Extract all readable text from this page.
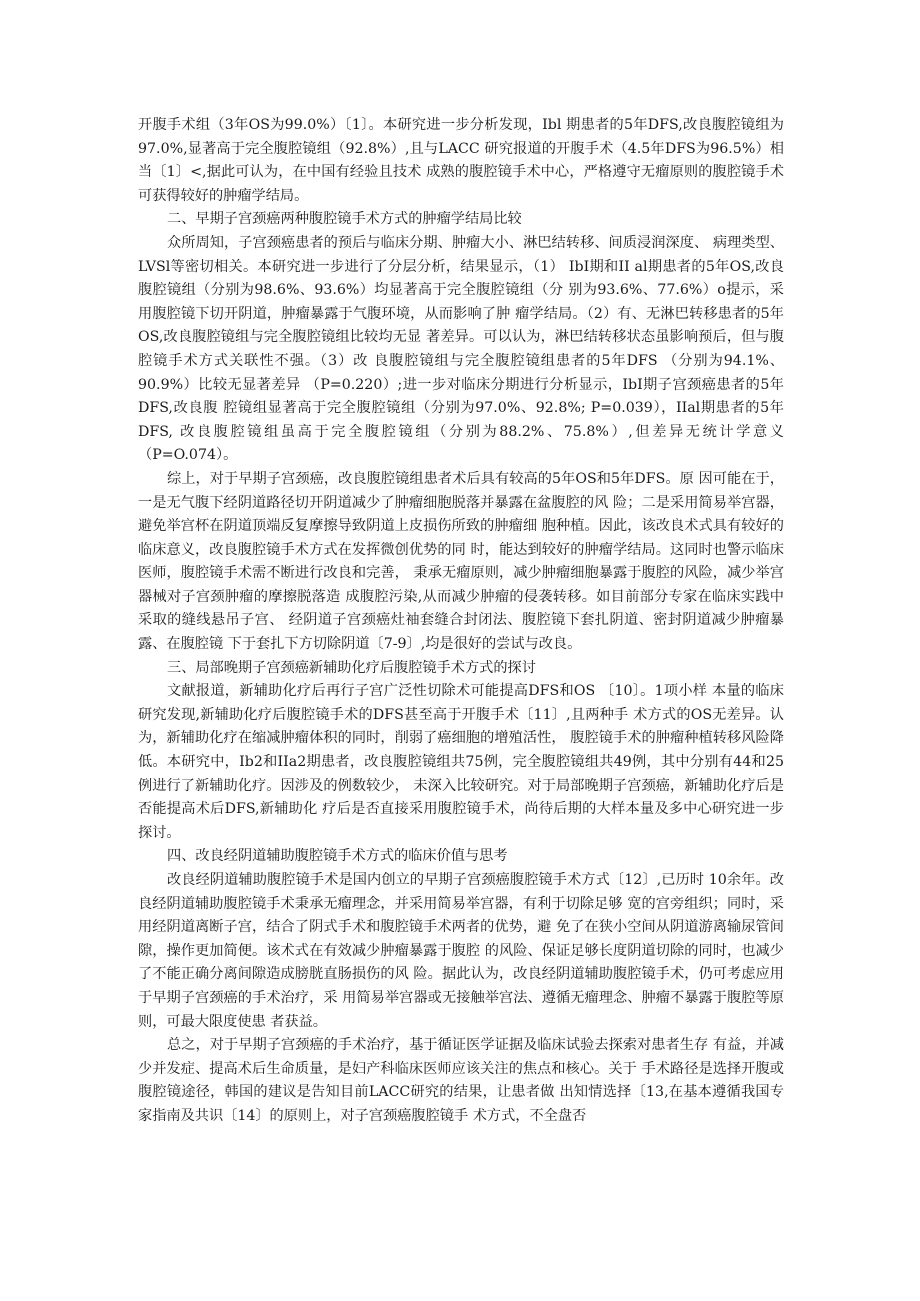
开腹手术组（3年OS为99.0%）〔1〕。本研究进一步分析发现，Ibl 期患者的5年DFS,改良腹腔镜组为97.0%,显著高于完全腹腔镜组（92.8%）,且与LACC 研究报道的开腹手术（4.5年DFS为96.5%）相当〔1〕<,据此可认为，在中国有经验且技术 成熟的腹腔镜手术中心，严格遵守无瘤原则的腹腔镜手术可获得较好的肿瘤学结局。

二、早期子宫颈癌两种腹腔镜手术方式的肿瘤学结局比较

众所周知，子宫颈癌患者的预后与临床分期、肿瘤大小、淋巴结转移、间质浸润深度、 病理类型、LVSl等密切相关。本研究进一步进行了分层分析，结果显示，（1） IbI期和II al期患者的5年OS,改良腹腔镜组（分别为98.6%、93.6%）均显著高于完全腹腔镜组（分 别为93.6%、77.6%）o提示，采用腹腔镜下切开阴道，肿瘤暴露于气腹环境，从而影响了肿 瘤学结局。（2）有、无淋巴转移患者的5年OS,改良腹腔镜组与完全腹腔镜组比较均无显 著差异。可以认为，淋巴结转移状态虽影响预后，但与腹腔镜手术方式关联性不强。（3）改 良腹腔镜组与完全腹腔镜组患者的5年DFS （分别为94.1%、90.9%）比较无显著差异 （P=0.220）;进一步对临床分期进行分析显示，IbI期子宫颈癌患者的5年DFS,改良腹 腔镜组显著高于完全腹腔镜组（分别为97.0%、92.8%; P=0.039），IIal期患者的5年DFS, 改良腹腔镜组虽高于完全腹腔镜组（分别为88.2%、75.8%）,但差异无统计学意义（P=O.074）。

综上，对于早期子宫颈癌，改良腹腔镜组患者术后具有较高的5年OS和5年DFS。原 因可能在于，一是无气腹下经阴道路径切开阴道减少了肿瘤细胞脱落并暴露在盆腹腔的风 险；二是采用简易举宫器，避免举宫杯在阴道顶端反复摩擦导致阴道上皮损伤所致的肿瘤细 胞种植。因此，该改良术式具有较好的临床意义，改良腹腔镜手术方式在发挥微创优势的同 时，能达到较好的肿瘤学结局。这同时也警示临床医师，腹腔镜手术需不断进行改良和完善， 秉承无瘤原则，减少肿瘤细胞暴露于腹腔的风险，减少举宫器械对子宫颈肿瘤的摩擦脱落造 成腹腔污染,从而减少肿瘤的侵袭转移。如目前部分专家在临床实践中采取的缝线悬吊子宫、 经阴道子宫颈癌灶袖套缝合封闭法、腹腔镜下套扎阴道、密封阴道减少肿瘤暴露、在腹腔镜 下于套扎下方切除阴道〔7-9〕,均是很好的尝试与改良。

三、局部晚期子宫颈癌新辅助化疗后腹腔镜手术方式的探讨

文献报道，新辅助化疗后再行子宫广泛性切除术可能提高DFS和OS 〔10〕。1项小样 本量的临床研究发现,新辅助化疗后腹腔镜手术的DFS甚至高于开腹手术〔11〕,且两种手 术方式的OS无差异。认为，新辅助化疗在缩减肿瘤体积的同时，削弱了癌细胞的增殖活性， 腹腔镜手术的肿瘤种植转移风险降低。本研究中，Ib2和IIa2期患者，改良腹腔镜组共75例，完全腹腔镜组共49例，其中分别有44和25例进行了新辅助化疗。因涉及的例数较少， 未深入比较研究。对于局部晚期子宫颈癌，新辅助化疗后是否能提高术后DFS,新辅助化 疗后是否直接采用腹腔镜手术，尚待后期的大样本量及多中心研究进一步探讨。

四、改良经阴道辅助腹腔镜手术方式的临床价值与思考

改良经阴道辅助腹腔镜手术是国内创立的早期子宫颈癌腹腔镜手术方式〔12〕,已历时 10余年。改良经阴道辅助腹腔镜手术秉承无瘤理念，并采用简易举宫器，有利于切除足够 宽的宫旁组织；同时，采用经阴道离断子宫，结合了阴式手术和腹腔镜手术两者的优势，避 免了在狭小空间从阴道游离输尿管间隙，操作更加简便。该术式在有效减少肿瘤暴露于腹腔 的风险、保证足够长度阴道切除的同时，也减少了不能正确分离间隙造成膀胱直肠损伤的风 险。据此认为，改良经阴道辅助腹腔镜手术，仍可考虑应用于早期子宫颈癌的手术治疗，采 用简易举宫器或无接触举宫法、遵循无瘤理念、肿瘤不暴露于腹腔等原则，可最大限度使患 者获益。

总之，对于早期子宫颈癌的手术治疗，基于循证医学证据及临床试验去探索对患者生存 有益，并减少并发症、提高术后生命质量，是妇产科临床医师应该关注的焦点和核心。关于 手术路径是选择开腹或腹腔镜途径，韩国的建议是告知目前LACC研究的结果，让患者做 出知情选择〔13,在基本遵循我国专家指南及共识〔14〕的原则上，对子宫颈癌腹腔镜手 术方式，不全盘否
